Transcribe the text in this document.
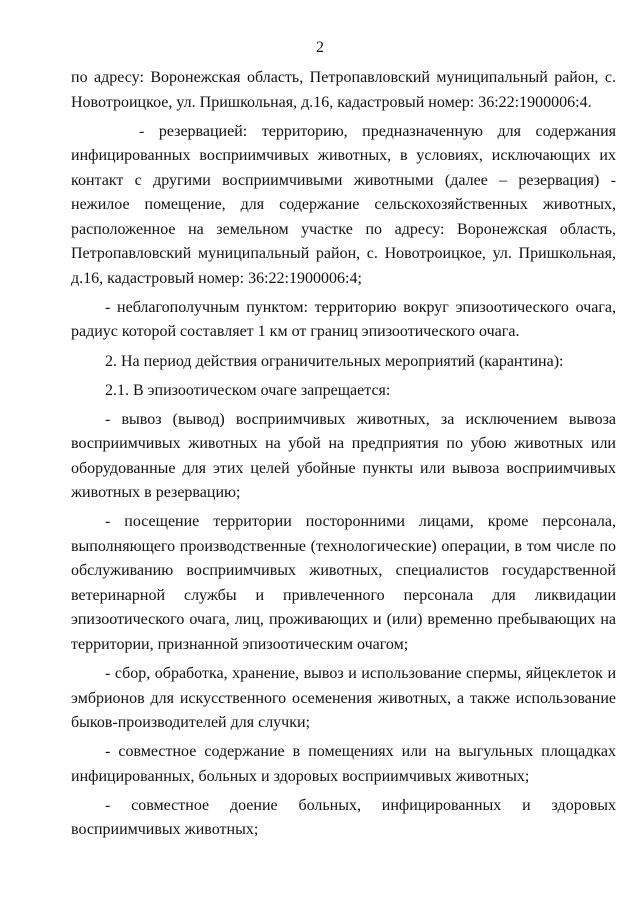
2

по адресу: Воронежская область, Петропавловский муниципальный район, с. Новотроицкое, ул. Пришкольная, д.16, кадастровый номер: 36:22:1900006:4.

- резервацией: территорию, предназначенную для содержания инфицированных восприимчивых животных, в условиях, исключающих их контакт с другими восприимчивыми животными (далее – резервация) - нежилое помещение, для содержание сельскохозяйственных животных, расположенное на земельном участке по адресу: Воронежская область, Петропавловский муниципальный район, с. Новотроицкое, ул. Пришкольная, д.16, кадастровый номер: 36:22:1900006:4;

- неблагополучным пунктом: территорию вокруг эпизоотического очага, радиус которой составляет 1 км от границ эпизоотического очага.

2. На период действия ограничительных мероприятий (карантина):

2.1. В эпизоотическом очаге запрещается:

- вывоз (вывод) восприимчивых животных, за исключением вывоза восприимчивых животных на убой на предприятия по убою животных или оборудованные для этих целей убойные пункты или вывоза восприимчивых животных в резервацию;

- посещение территории посторонними лицами, кроме персонала, выполняющего производственные (технологические) операции, в том числе по обслуживанию восприимчивых животных, специалистов государственной ветеринарной службы и привлеченного персонала для ликвидации эпизоотического очага, лиц, проживающих и (или) временно пребывающих на территории, признанной эпизоотическим очагом;

- сбор, обработка, хранение, вывоз и использование спермы, яйцеклеток и эмбрионов для искусственного осеменения животных, а также использование быков-производителей для случки;

- совместное содержание в помещениях или на выгульных площадках инфицированных, больных и здоровых восприимчивых животных;

- совместное доение больных, инфицированных и здоровых восприимчивых животных;
